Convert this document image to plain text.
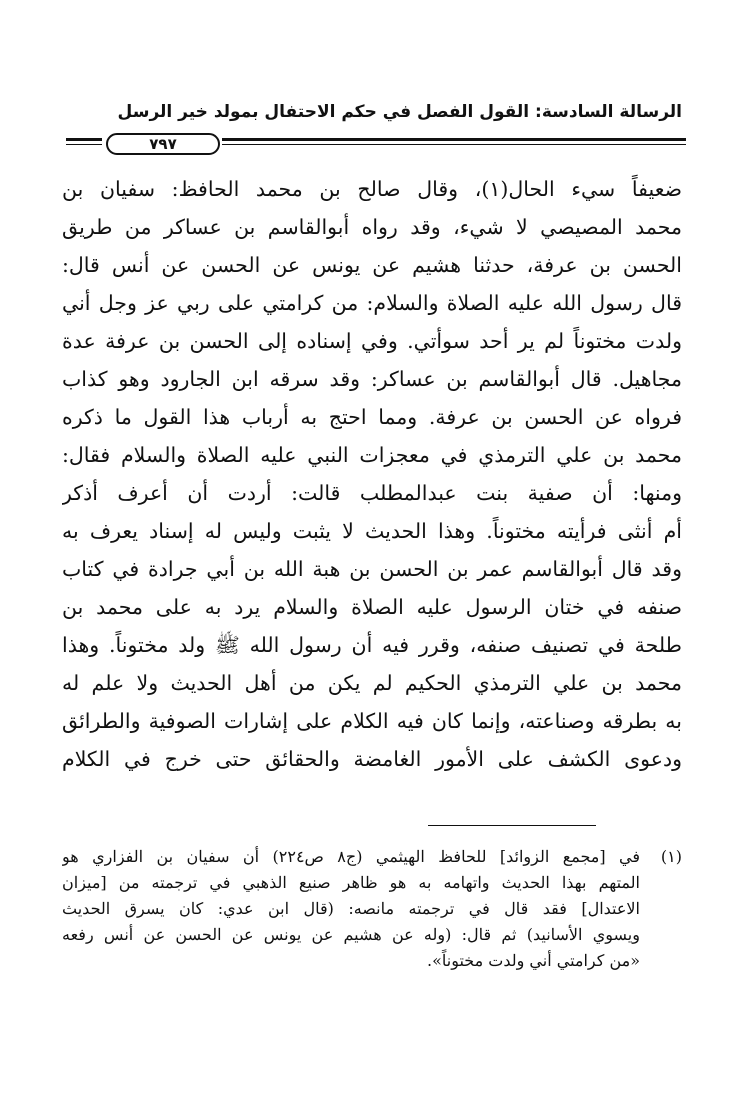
الرسالة السادسة: القول الفصل في حكم الاحتفال بمولد خير الرسل
٧٩٧
ضعيفاً سيء الحال(١)، وقال صالح بن محمد الحافظ: سفيان بن
محمد المصيصي لا شيء، وقد رواه أبوالقاسم بن عساكر من طريق
الحسن بن عرفة، حدثنا هشيم عن يونس عن الحسن عن أنس قال:
قال رسول الله عليه الصلاة والسلام: من كرامتي على ربي عز وجل أني
ولدت مختوناً لم ير أحد سوأتي. وفي إسناده إلى الحسن بن عرفة عدة
مجاهيل. قال أبوالقاسم بن عساكر: وقد سرقه ابن الجارود وهو كذاب
فرواه عن الحسن بن عرفة. ومما احتج به أرباب هذا القول ما ذكره
محمد بن علي الترمذي في معجزات النبي عليه الصلاة والسلام فقال:
ومنها: أن صفية بنت عبدالمطلب قالت: أردت أن أعرف أذكر
أم أنثى فرأيته مختوناً. وهذا الحديث لا يثبت وليس له إسناد يعرف به
وقد قال أبوالقاسم عمر بن الحسن بن هبة الله بن أبي جرادة في كتاب
صنفه في ختان الرسول عليه الصلاة والسلام يرد به على محمد بن
طلحة في تصنيف صنفه، وقرر فيه أن رسول الله ﷺ ولد مختوناً. وهذا
محمد بن علي الترمذي الحكيم لم يكن من أهل الحديث ولا علم له
به بطرقه وصناعته، وإنما كان فيه الكلام على إشارات الصوفية والطرائق
ودعوى الكشف على الأمور الغامضة والحقائق حتى خرج في الكلام
(١)
في [مجمع الزوائد] للحافظ الهيثمي (ج٨ ص٢٢٤) أن سفيان بن الفزاري هو
المتهم بهذا الحديث واتهامه به هو ظاهر صنيع الذهبي في ترجمته من [ميزان
الاعتدال] فقد قال في ترجمته مانصه: (قال ابن عدي: كان يسرق الحديث
ويسوي الأسانيد) ثم قال: (وله عن هشيم عن يونس عن الحسن عن أنس رفعه
«من كرامتي أني ولدت مختوناً».
